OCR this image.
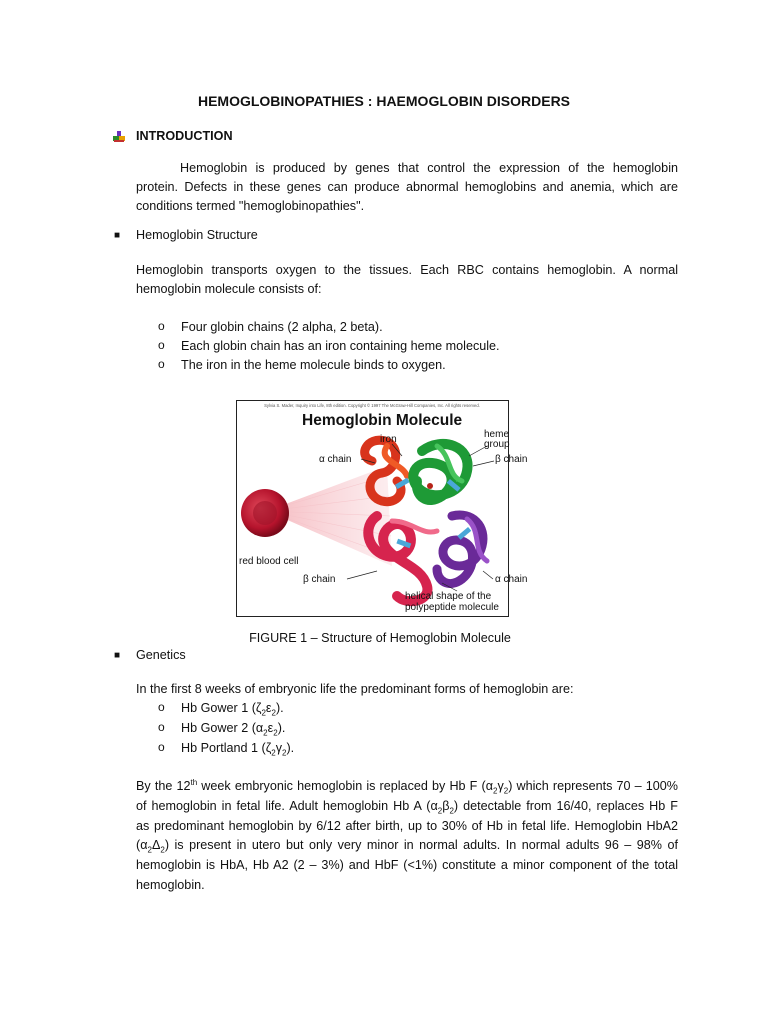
HEMOGLOBINOPATHIES : HAEMOGLOBIN DISORDERS
INTRODUCTION
Hemoglobin is produced by genes that control the expression of the hemoglobin
protein. Defects in these genes can produce abnormal hemoglobins and anemia, which are
conditions termed "hemoglobinopathies".
■ Hemoglobin Structure
Hemoglobin transports oxygen to the tissues. Each RBC contains hemoglobin. A normal
hemoglobin molecule consists of:
o Four globin chains (2 alpha, 2 beta).
o Each globin chain has an iron containing heme molecule.
o The iron in the heme molecule binds to oxygen.
Sylvia S. Mader, Inquiry into Life, 8th edition. Copyright © 1997 The McGraw-Hill Companies, Inc. All rights reserved.
Hemoglobin Molecule
iron	heme
group
α chain	β chain
red blood cell
β chain	α chain
helical shape of the
polypeptide molecule
FIGURE 1 – Structure of Hemoglobin Molecule
■ Genetics
In the first 8 weeks of embryonic life the predominant forms of hemoglobin are:
o Hb Gower 1 $(\zeta_2\varepsilon_2)$.
o Hb Gower 2 $(\alpha_2\varepsilon_2)$.
o Hb Portland 1 $(\zeta_2\gamma_2)$.
By the 12th week embryonic hemoglobin is replaced by Hb F $(\alpha_2\gamma_2)$ which represents 70 – 100%
of hemoglobin in fetal life. Adult hemoglobin Hb A $(\alpha_2\beta_2)$ detectable from 16/40, replaces Hb F
as predominant hemoglobin by 6/12 after birth, up to 30% of Hb in fetal life. Hemoglobin HbA2
$(\alpha_2\Delta_2)$ is present in utero but only very minor in normal adults. In normal adults 96 – 98% of
hemoglobin is HbA, Hb A2 (2 – 3%) and HbF (<1%) constitute a minor component of the total
hemoglobin.
